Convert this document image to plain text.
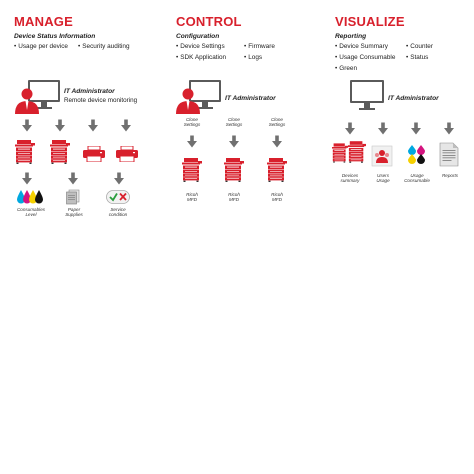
MANAGE
Device Status Information
• Usage per device	• Security auditing
IT Administrator
Remote device monitoring
Consumables
Level
Paper
Supplies
Service
condition
CONTROL
Configuration
• Device Settings	• Firmware
• SDK Application	• Logs
IT Administrator
Clone
Settings
Clone
Settings
Clone
Settings
Ricoh
MFD
Ricoh
MFD
Ricoh
MFD
VISUALIZE
Reporting
• Device Summary	• Counter
• Usage Consumable	• Status
• Green
IT Administrator
Devices
summary
Users
Usage
Usage
Consumable
Reports
